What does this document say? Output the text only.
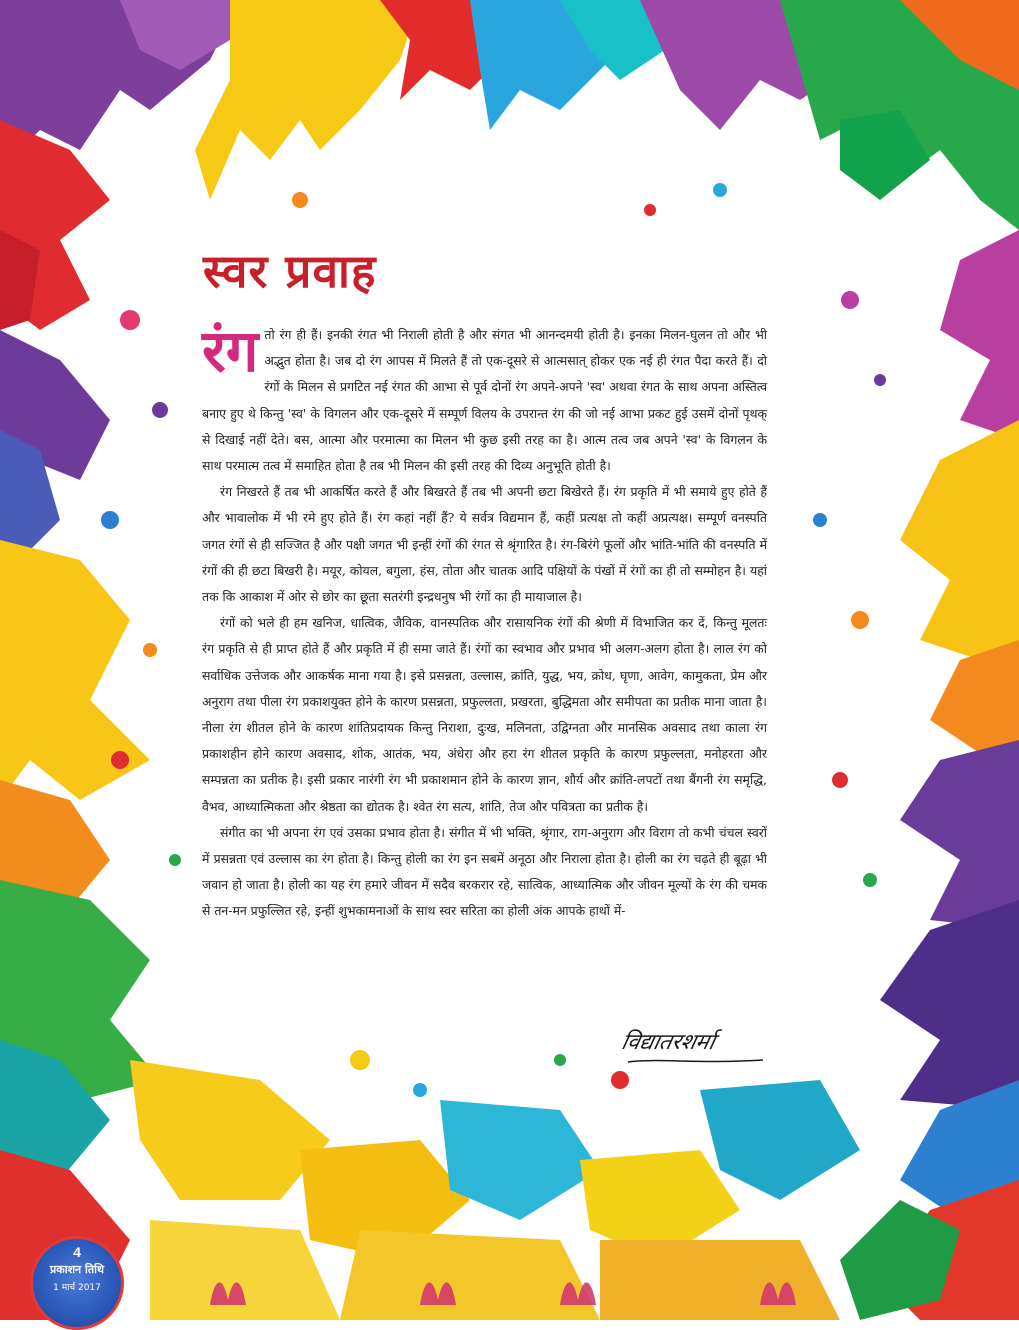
स्वर प्रवाह

रंग तो रंग ही हैं। इनकी रंगत भी निराली होती है और संगत भी आनन्दमयी होती है। इनका मिलन-घुलन तो और भी अद्भुत होता है। जब दो रंग आपस में मिलते हैं तो एक-दूसरे से आत्मसात् होकर एक नई ही रंगत पैदा करते हैं। दो रंगों के मिलन से प्रगटित नई रंगत की आभा से पूर्व दोनों रंग अपने-अपने 'स्व' अथवा रंगत के साथ अपना अस्तित्व बनाए हुए थे किन्तु 'स्व' के विगलन और एक-दूसरे में सम्पूर्ण विलय के उपरान्त रंग की जो नई आभा प्रकट हुई उसमें दोनों पृथक् से दिखाई नहीं देते। बस, आत्मा और परमात्मा का मिलन भी कुछ इसी तरह का है। आत्म तत्व जब अपने 'स्व' के विगलन के साथ परमात्म तत्व में समाहित होता है तब भी मिलन की इसी तरह की दिव्य अनुभूति होती है।

रंग निखरते हैं तब भी आकर्षित करते हैं और बिखरते हैं तब भी अपनी छटा बिखेरते हैं। रंग प्रकृति में भी समाये हुए होते हैं और भावालोक में भी रमे हुए होते हैं। रंग कहां नहीं हैं? ये सर्वत्र विद्यमान हैं, कहीं प्रत्यक्ष तो कहीं अप्रत्यक्ष। सम्पूर्ण वनस्पति जगत रंगों से ही सज्जित है और पक्षी जगत भी इन्हीं रंगों की रंगत से श्रृंगारित है। रंग-बिरंगे फूलों और भांति-भांति की वनस्पति में रंगों की ही छटा बिखरी है। मयूर, कोयल, बगुला, हंस, तोता और चातक आदि पक्षियों के पंखों में रंगों का ही तो सम्मोहन है। यहां तक कि आकाश में ओर से छोर का छूता सतरंगी इन्द्रधनुष भी रंगों का ही मायाजाल है।

रंगों को भले ही हम खनिज, धात्विक, जैविक, वानस्पतिक और रासायनिक रंगों की श्रेणी में विभाजित कर दें, किन्तु मूलतः रंग प्रकृति से ही प्राप्त होते हैं और प्रकृति में ही समा जाते हैं। रंगों का स्वभाव और प्रभाव भी अलग-अलग होता है। लाल रंग को सर्वाधिक उत्तेजक और आकर्षक माना गया है। इसे प्रसन्नता, उल्लास, क्रांति, युद्ध, भय, क्रोध, घृणा, आवेग, कामुकता, प्रेम और अनुराग तथा पीला रंग प्रकाशयुक्त होने के कारण प्रसन्नता, प्रफुल्लता, प्रखरता, बुद्धिमता और समीपता का प्रतीक माना जाता है। नीला रंग शीतल होने के कारण शांतिप्रदायक किन्तु निराशा, दुःख, मलिनता, उद्विग्नता और मानसिक अवसाद तथा काला रंग प्रकाशहीन होने कारण अवसाद, शोक, आतंक, भय, अंधेरा और हरा रंग शीतल प्रकृति के कारण प्रफुल्लता, मनोहरता और सम्पन्नता का प्रतीक है। इसी प्रकार नारंगी रंग भी प्रकाशमान होने के कारण ज्ञान, शौर्य और क्रांति-लपटों तथा बैंगनी रंग समृद्धि, वैभव, आध्यात्मिकता और श्रेष्ठता का द्योतक है। श्वेत रंग सत्य, शांति, तेज और पवित्रता का प्रतीक है।

संगीत का भी अपना रंग एवं उसका प्रभाव होता है। संगीत में भी भक्ति, श्रृंगार, राग-अनुराग और विराग तो कभी चंचल स्वरों में प्रसन्नता एवं उल्लास का रंग होता है। किन्तु होली का रंग इन सबमें अनूठा और निराला होता है। होली का रंग चढ़ते ही बूढ़ा भी जवान हो जाता है। होली का यह रंग हमारे जीवन में सदैव बरकरार रहे, सात्विक, आध्यात्मिक और जीवन मूल्यों के रंग की चमक से तन-मन प्रफुल्लित रहे, इन्हीं शुभकामनाओं के साथ स्वर सरिता का होली अंक आपके हाथों में-

विद्यातरशर्मा
4
प्रकाशन तिथि
1 मार्च 2017
